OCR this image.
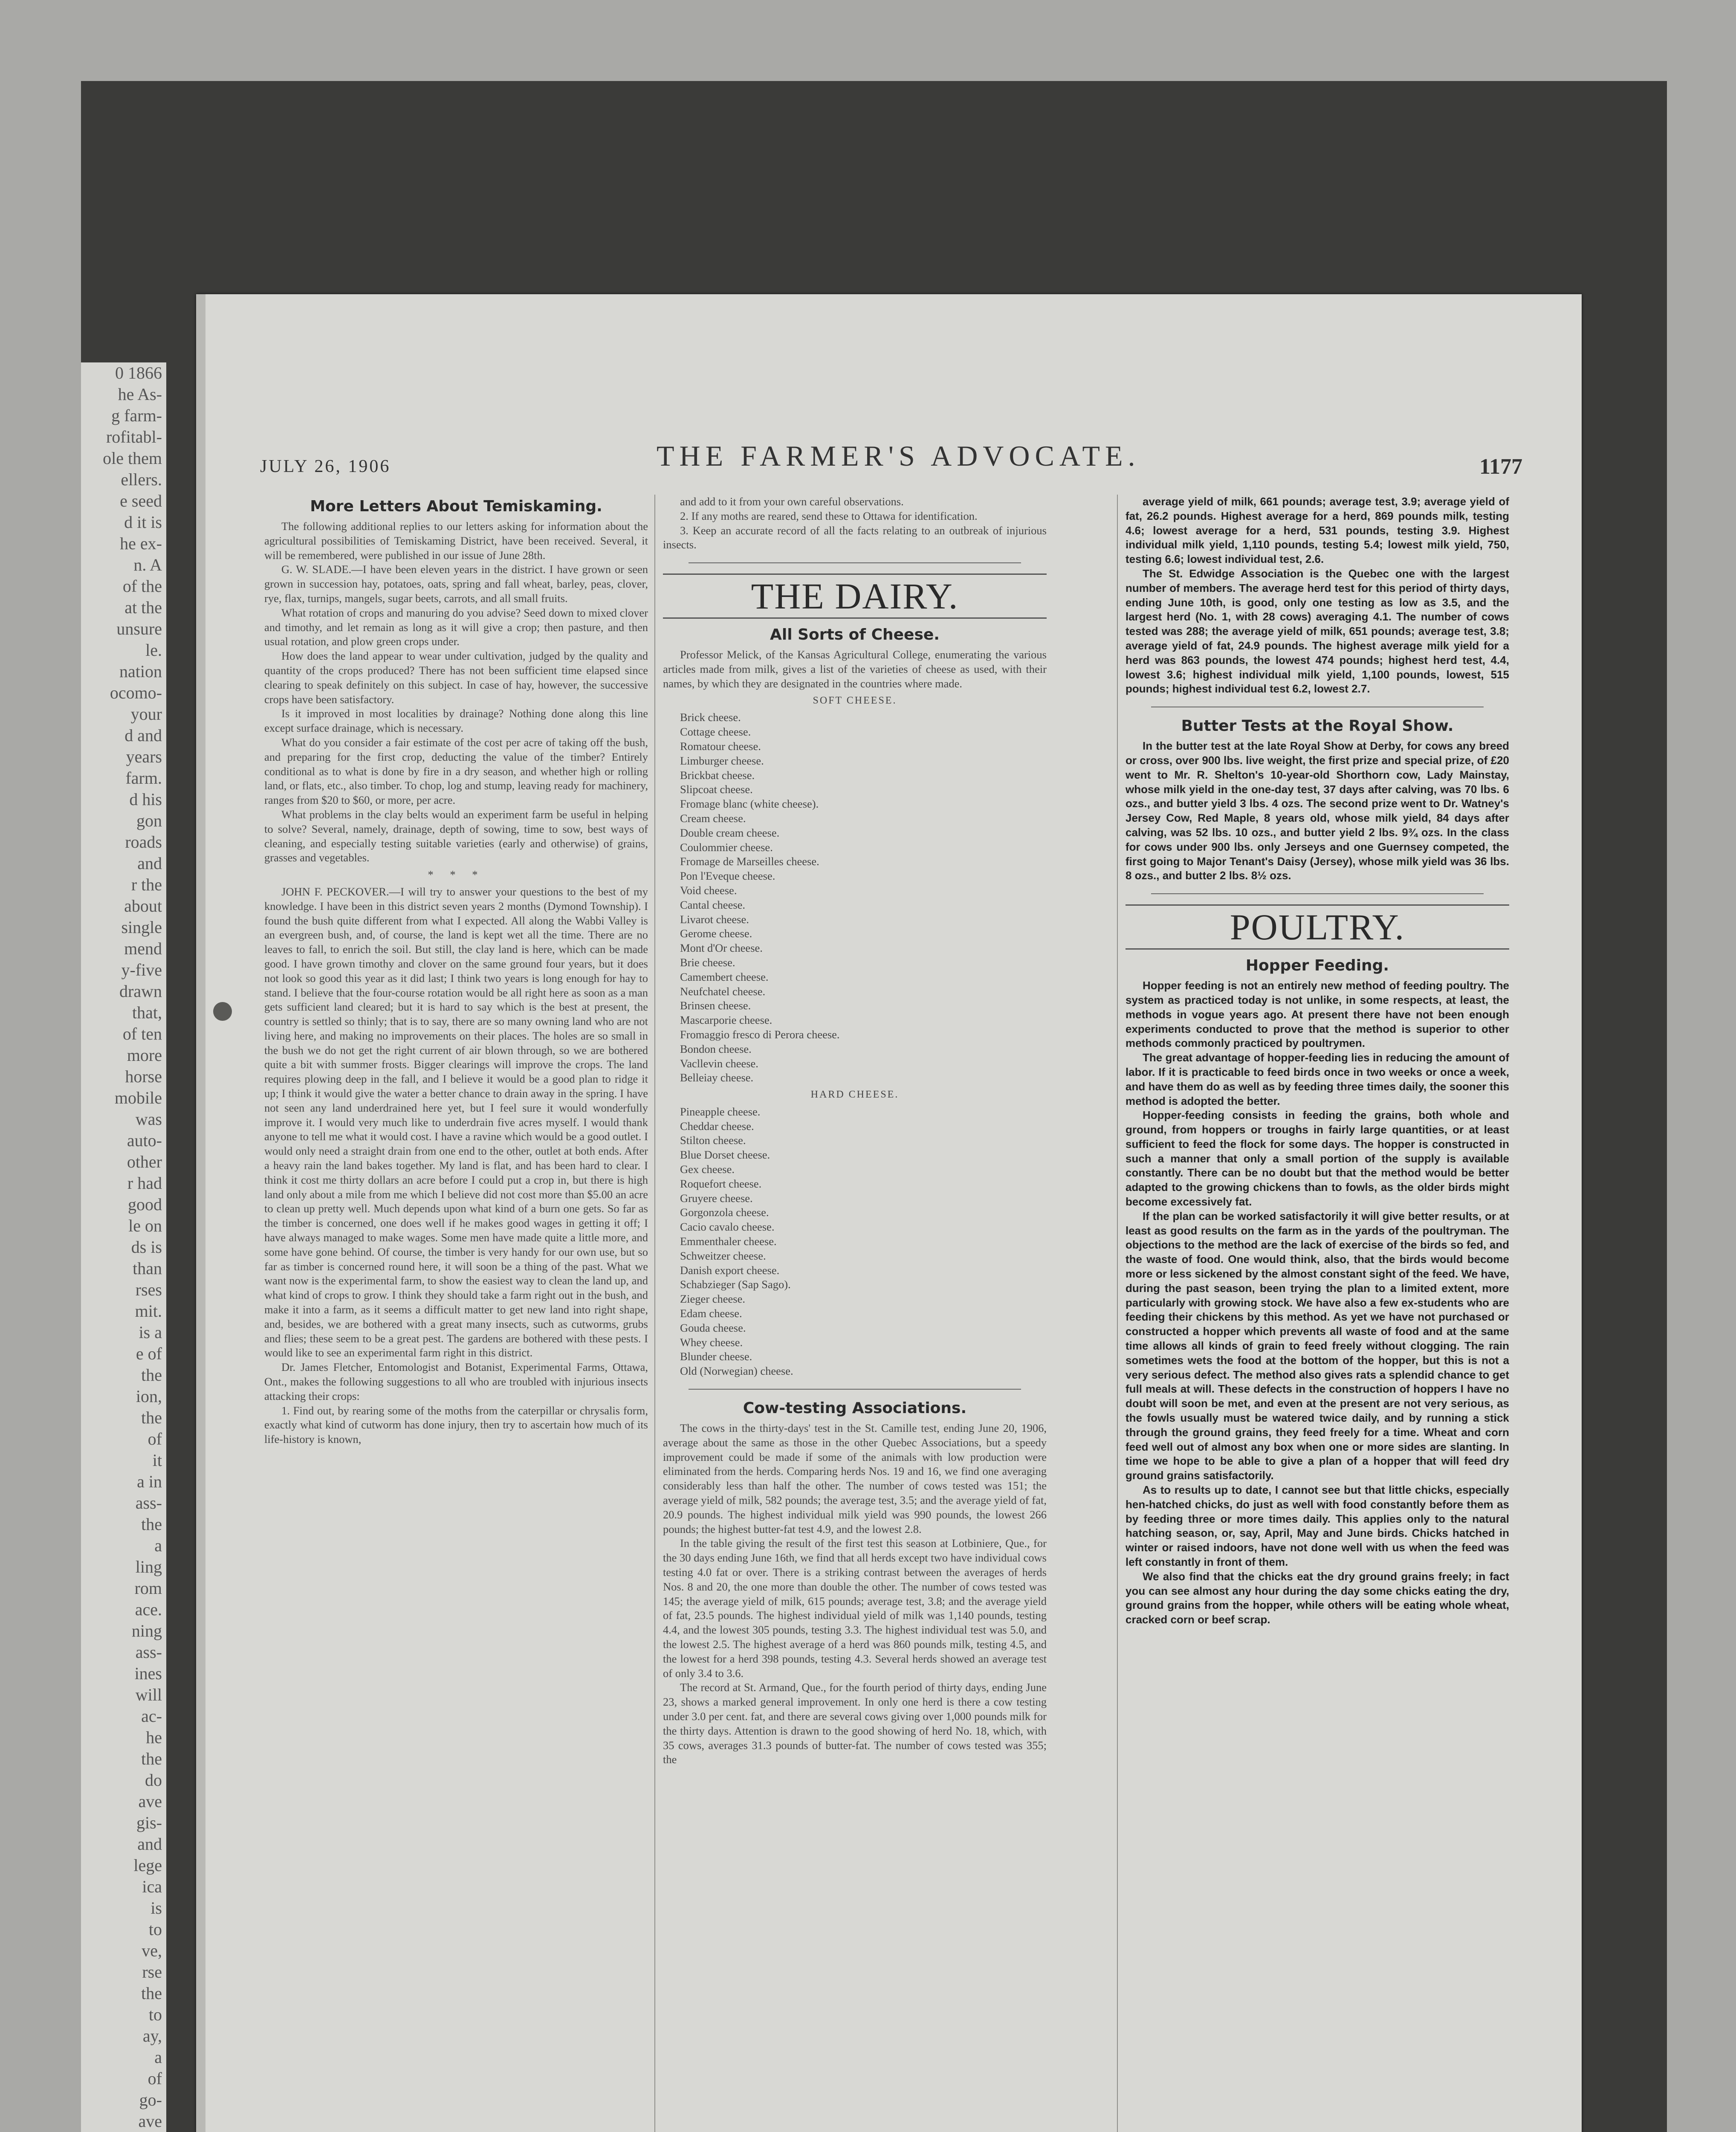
0 1866
he As-
g farm-
rofitabl-
ole them
ellers.
e seed
d it is
he ex-
n. A
of the
at the
unsure
le.
nation
ocomo-
your
d and
years
farm.
d his
gon
roads
and
r the
about
single
mend
y-five
drawn
that,
of ten
more
horse
mobile
was
auto-
other
r had
good
le on
ds is
than
rses
mit.
is a
e of
the
ion,
the
of
it
a in
ass-
the
a
ling
rom
ace.
ning
ass-
ines
will
ac-
he
the
do
ave
gis-
and
lege
ica
is
to
ve,
rse
the
to
ay,
a
of
go-
ave
JULY 26, 1906	THE FARMER'S ADVOCATE.	1177
More Letters About Temiskaming.

The following additional replies to our letters asking for information about the agricultural possibilities of Temiskaming District, have been received. Several, it will be remembered, were published in our issue of June 28th.

G. W. SLADE.—I have been eleven years in the district. I have grown or seen grown in succession hay, potatoes, oats, spring and fall wheat, barley, peas, clover, rye, flax, turnips, mangels, sugar beets, carrots, and all small fruits.

What rotation of crops and manuring do you advise? Seed down to mixed clover and timothy, and let remain as long as it will give a crop; then pasture, and then usual rotation, and plow green crops under.

How does the land appear to wear under cultivation, judged by the quality and quantity of the crops produced? There has not been sufficient time elapsed since clearing to speak definitely on this subject. In case of hay, however, the successive crops have been satisfactory.

Is it improved in most localities by drainage? Nothing done along this line except surface drainage, which is necessary.

What do you consider a fair estimate of the cost per acre of taking off the bush, and preparing for the first crop, deducting the value of the timber? Entirely conditional as to what is done by fire in a dry season, and whether high or rolling land, or flats, etc., also timber. To chop, log and stump, leaving ready for machinery, ranges from $20 to $60, or more, per acre.

What problems in the clay belts would an experiment farm be useful in helping to solve? Several, namely, drainage, depth of sowing, time to sow, best ways of cleaning, and especially testing suitable varieties (early and otherwise) of grains, grasses and vegetables.

* * *

JOHN F. PECKOVER.—I will try to answer your questions to the best of my knowledge. I have been in this district seven years 2 months (Dymond Township). I found the bush quite different from what I expected. All along the Wabbi Valley is an evergreen bush, and, of course, the land is kept wet all the time. There are no leaves to fall, to enrich the soil. But still, the clay land is here, which can be made good. I have grown timothy and clover on the same ground four years, but it does not look so good this year as it did last; I think two years is long enough for hay to stand. I believe that the four-course rotation would be all right here as soon as a man gets sufficient land cleared; but it is hard to say which is the best at present, the country is settled so thinly; that is to say, there are so many owning land who are not living here, and making no improvements on their places. The holes are so small in the bush we do not get the right current of air blown through, so we are bothered quite a bit with summer frosts. Bigger clearings will improve the crops. The land requires plowing deep in the fall, and I believe it would be a good plan to ridge it up; I think it would give the water a better chance to drain away in the spring. I have not seen any land underdrained here yet, but I feel sure it would wonderfully improve it. I would very much like to underdrain five acres myself. I would thank anyone to tell me what it would cost. I have a ravine which would be a good outlet. I would only need a straight drain from one end to the other, outlet at both ends. After a heavy rain the land bakes together. My land is flat, and has been hard to clear. I think it cost me thirty dollars an acre before I could put a crop in, but there is high land only about a mile from me which I believe did not cost more than $5.00 an acre to clean up pretty well. Much depends upon what kind of a burn one gets. So far as the timber is concerned, one does well if he makes good wages in getting it off; I have always managed to make wages. Some men have made quite a little more, and some have gone behind. Of course, the timber is very handy for our own use, but so far as timber is concerned round here, it will soon be a thing of the past. What we want now is the experimental farm, to show the easiest way to clean the land up, and what kind of crops to grow. I think they should take a farm right out in the bush, and make it into a farm, as it seems a difficult matter to get new land into right shape, and, besides, we are bothered with a great many insects, such as cutworms, grubs and flies; these seem to be a great pest. The gardens are bothered with these pests. I would like to see an experimental farm right in this district.

Dr. James Fletcher, Entomologist and Botanist, Experimental Farms, Ottawa, Ont., makes the following suggestions to all who are troubled with injurious insects attacking their crops:

1. Find out, by rearing some of the moths from the caterpillar or chrysalis form, exactly what kind of cutworm has done injury, then try to ascertain how much of its life-history is known,

and add to it from your own careful observations.

2. If any moths are reared, send these to Ottawa for identification.

3. Keep an accurate record of all the facts relating to an outbreak of injurious insects.

THE DAIRY.
All Sorts of Cheese.

Professor Melick, of the Kansas Agricultural College, enumerating the various articles made from milk, gives a list of the varieties of cheese as used, with their names, by which they are designated in the countries where made.

SOFT CHEESE.
Brick cheese.
Cottage cheese.
Romatour cheese.
Limburger cheese.
Brickbat cheese.
Slipcoat cheese.
Fromage blanc (white cheese).
Cream cheese.
Double cream cheese.
Coulommier cheese.
Fromage de Marseilles cheese.
Pon l'Eveque cheese.
Void cheese.
Cantal cheese.
Livarot cheese.
Gerome cheese.
Mont d'Or cheese.
Brie cheese.
Camembert cheese.
Neufchatel cheese.
Brinsen cheese.
Mascarporie cheese.
Fromaggio fresco di Perora cheese.
Bondon cheese.
Vacllevin cheese.
Belleiay cheese.
HARD CHEESE.
Pineapple cheese.
Cheddar cheese.
Stilton cheese.
Blue Dorset cheese.
Gex cheese.
Roquefort cheese.
Gruyere cheese.
Gorgonzola cheese.
Cacio cavalo cheese.
Emmenthaler cheese.
Schweitzer cheese.
Danish export cheese.
Schabzieger (Sap Sago).
Zieger cheese.
Edam cheese.
Gouda cheese.
Whey cheese.
Blunder cheese.
Old (Norwegian) cheese.
Cow-testing Associations.

The cows in the thirty-days' test in the St. Camille test, ending June 20, 1906, average about the same as those in the other Quebec Associations, but a speedy improvement could be made if some of the animals with low production were eliminated from the herds. Comparing herds Nos. 19 and 16, we find one averaging considerably less than half the other. The number of cows tested was 151; the average yield of milk, 582 pounds; the average test, 3.5; and the average yield of fat, 20.9 pounds. The highest individual milk yield was 990 pounds, the lowest 266 pounds; the highest butter-fat test 4.9, and the lowest 2.8.

In the table giving the result of the first test this season at Lotbiniere, Que., for the 30 days ending June 16th, we find that all herds except two have individual cows testing 4.0 fat or over. There is a striking contrast between the averages of herds Nos. 8 and 20, the one more than double the other. The number of cows tested was 145; the average yield of milk, 615 pounds; average test, 3.8; and the average yield of fat, 23.5 pounds. The highest individual yield of milk was 1,140 pounds, testing 4.4, and the lowest 305 pounds, testing 3.3. The highest individual test was 5.0, and the lowest 2.5. The highest average of a herd was 860 pounds milk, testing 4.5, and the lowest for a herd 398 pounds, testing 4.3. Several herds showed an average test of only 3.4 to 3.6.

The record at St. Armand, Que., for the fourth period of thirty days, ending June 23, shows a marked general improvement. In only one herd is there a cow testing under 3.0 per cent. fat, and there are several cows giving over 1,000 pounds milk for the thirty days. Attention is drawn to the good showing of herd No. 18, which, with 35 cows, averages 31.3 pounds of butter-fat. The number of cows tested was 355; the

average yield of milk, 661 pounds; average test, 3.9; average yield of fat, 26.2 pounds. Highest average for a herd, 869 pounds milk, testing 4.6; lowest average for a herd, 531 pounds, testing 3.9. Highest individual milk yield, 1,110 pounds, testing 5.4; lowest milk yield, 750, testing 6.6; lowest individual test, 2.6.

The St. Edwidge Association is the Quebec one with the largest number of members. The average herd test for this period of thirty days, ending June 10th, is good, only one testing as low as 3.5, and the largest herd (No. 1, with 28 cows) averaging 4.1. The number of cows tested was 288; the average yield of milk, 651 pounds; average test, 3.8; average yield of fat, 24.9 pounds. The highest average milk yield for a herd was 863 pounds, the lowest 474 pounds; highest herd test, 4.4, lowest 3.6; highest individual milk yield, 1,100 pounds, lowest, 515 pounds; highest individual test 6.2, lowest 2.7.

Butter Tests at the Royal Show.

In the butter test at the late Royal Show at Derby, for cows any breed or cross, over 900 lbs. live weight, the first prize and special prize, of £20 went to Mr. R. Shelton's 10-year-old Shorthorn cow, Lady Mainstay, whose milk yield in the one-day test, 37 days after calving, was 70 lbs. 6 ozs., and butter yield 3 lbs. 4 ozs. The second prize went to Dr. Watney's Jersey Cow, Red Maple, 8 years old, whose milk yield, 84 days after calving, was 52 lbs. 10 ozs., and butter yield 2 lbs. 9¾ ozs. In the class for cows under 900 lbs. only Jerseys and one Guernsey competed, the first going to Major Tenant's Daisy (Jersey), whose milk yield was 36 lbs. 8 ozs., and butter 2 lbs. 8½ ozs.

POULTRY.
Hopper Feeding.

Hopper feeding is not an entirely new method of feeding poultry. The system as practiced today is not unlike, in some respects, at least, the methods in vogue years ago. At present there have not been enough experiments conducted to prove that the method is superior to other methods commonly practiced by poultrymen.

The great advantage of hopper-feeding lies in reducing the amount of labor. If it is practicable to feed birds once in two weeks or once a week, and have them do as well as by feeding three times daily, the sooner this method is adopted the better.

Hopper-feeding consists in feeding the grains, both whole and ground, from hoppers or troughs in fairly large quantities, or at least sufficient to feed the flock for some days. The hopper is constructed in such a manner that only a small portion of the supply is available constantly. There can be no doubt but that the method would be better adapted to the growing chickens than to fowls, as the older birds might become excessively fat.

If the plan can be worked satisfactorily it will give better results, or at least as good results on the farm as in the yards of the poultryman. The objections to the method are the lack of exercise of the birds so fed, and the waste of food. One would think, also, that the birds would become more or less sickened by the almost constant sight of the feed. We have, during the past season, been trying the plan to a limited extent, more particularly with growing stock. We have also a few ex-students who are feeding their chickens by this method. As yet we have not purchased or constructed a hopper which prevents all waste of food and at the same time allows all kinds of grain to feed freely without clogging. The rain sometimes wets the food at the bottom of the hopper, but this is not a very serious defect. The method also gives rats a splendid chance to get full meals at will. These defects in the construction of hoppers I have no doubt will soon be met, and even at the present are not very serious, as the fowls usually must be watered twice daily, and by running a stick through the ground grains, they feed freely for a time. Wheat and corn feed well out of almost any box when one or more sides are slanting. In time we hope to be able to give a plan of a hopper that will feed dry ground grains satisfactorily.

As to results up to date, I cannot see but that little chicks, especially hen-hatched chicks, do just as well with food constantly before them as by feeding three or more times daily. This applies only to the natural hatching season, or, say, April, May and June birds. Chicks hatched in winter or raised indoors, have not done well with us when the feed was left constantly in front of them.

We also find that the chicks eat the dry ground grains freely; in fact you can see almost any hour during the day some chicks eating the dry, ground grains from the hopper, while others will be eating whole wheat, cracked corn or beef scrap.
